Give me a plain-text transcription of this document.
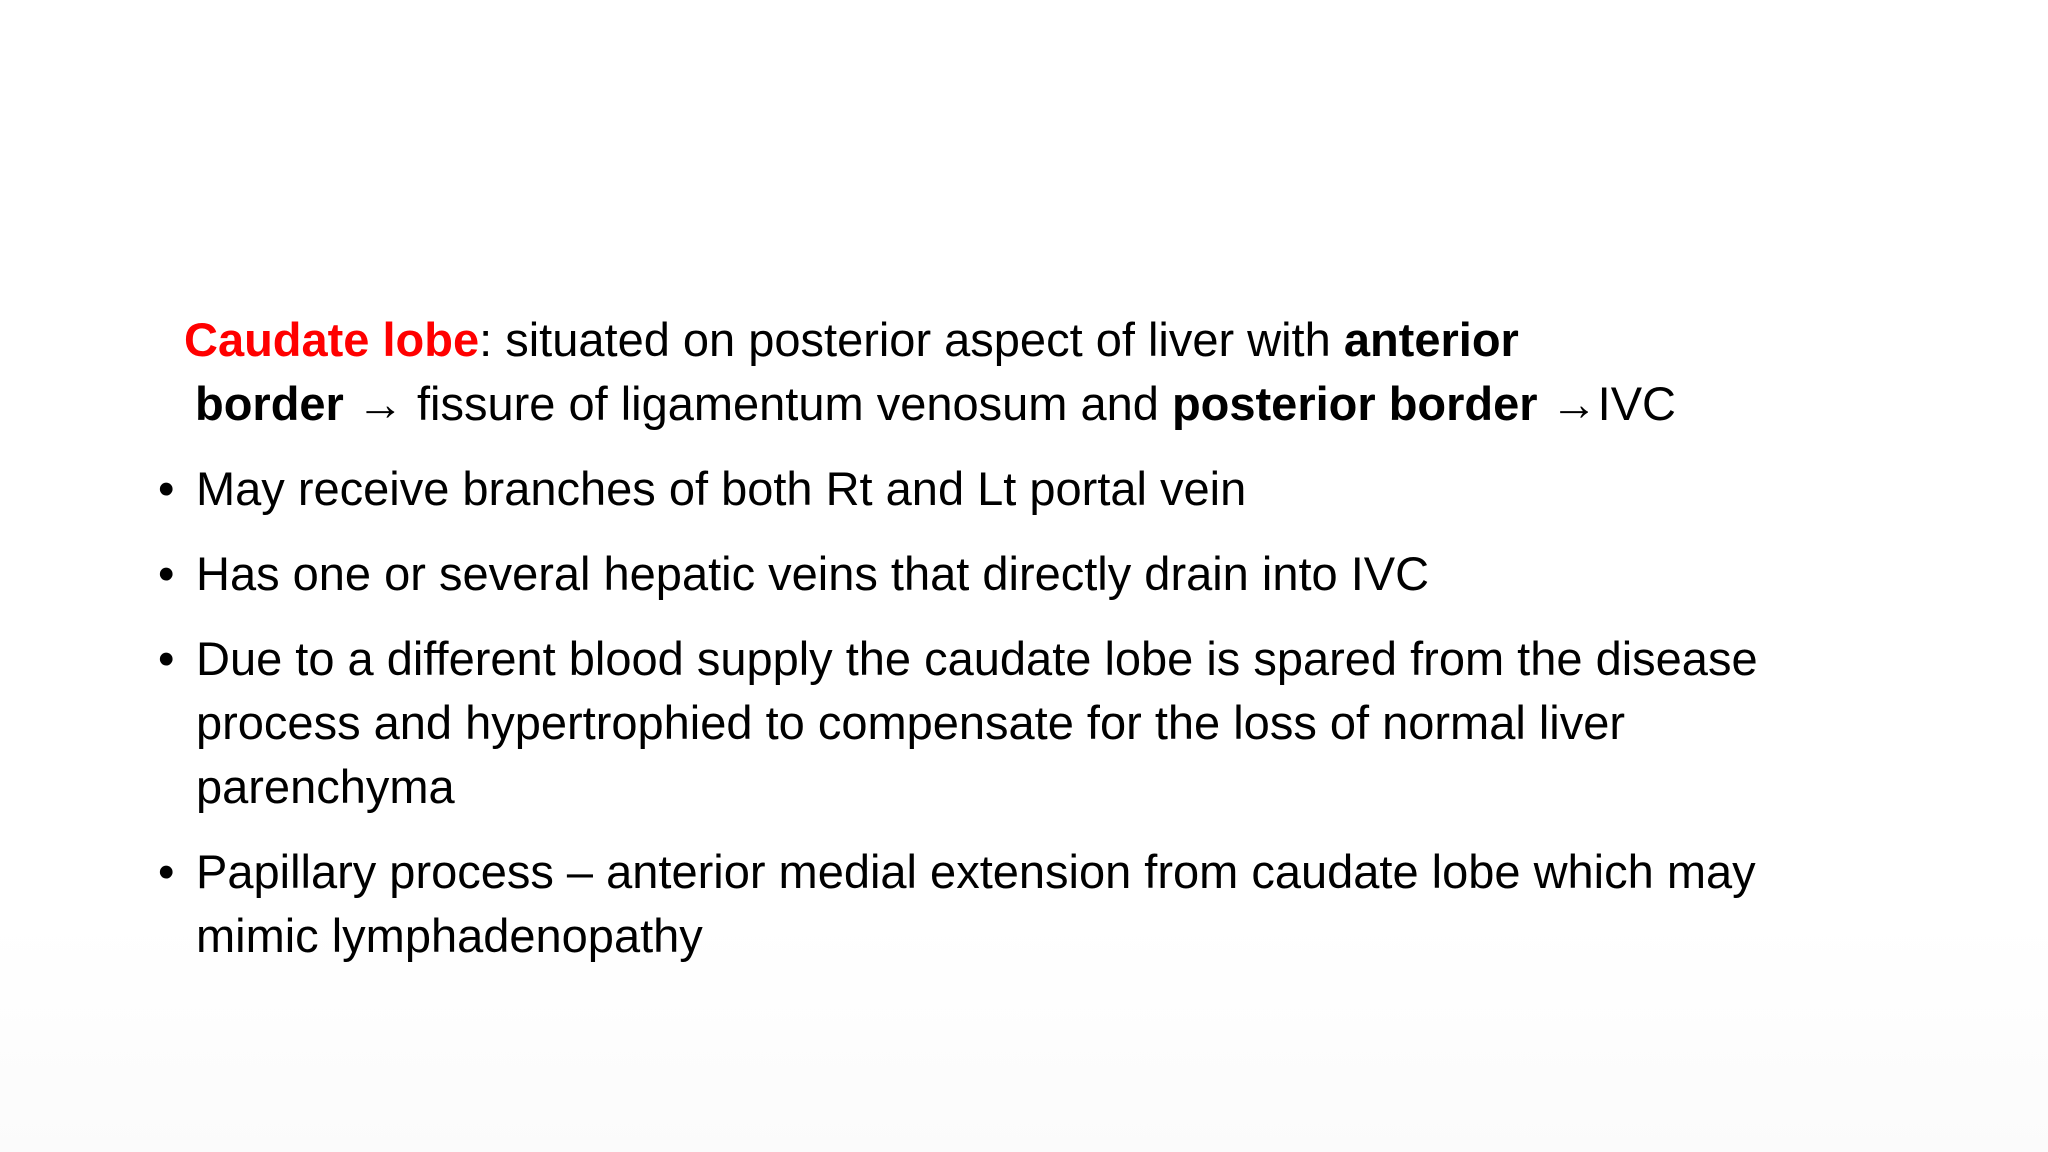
Caudate lobe: situated on posterior aspect of liver with anterior
border → fissure of ligamentum venosum and posterior border →IVC
• May receive branches of both Rt and Lt portal vein
• Has one or several hepatic veins that directly drain into IVC
• Due to a different blood supply the caudate lobe is spared from the disease process and hypertrophied to compensate for the loss of normal liver parenchyma
• Papillary process – anterior medial extension from caudate lobe which may mimic lymphadenopathy
